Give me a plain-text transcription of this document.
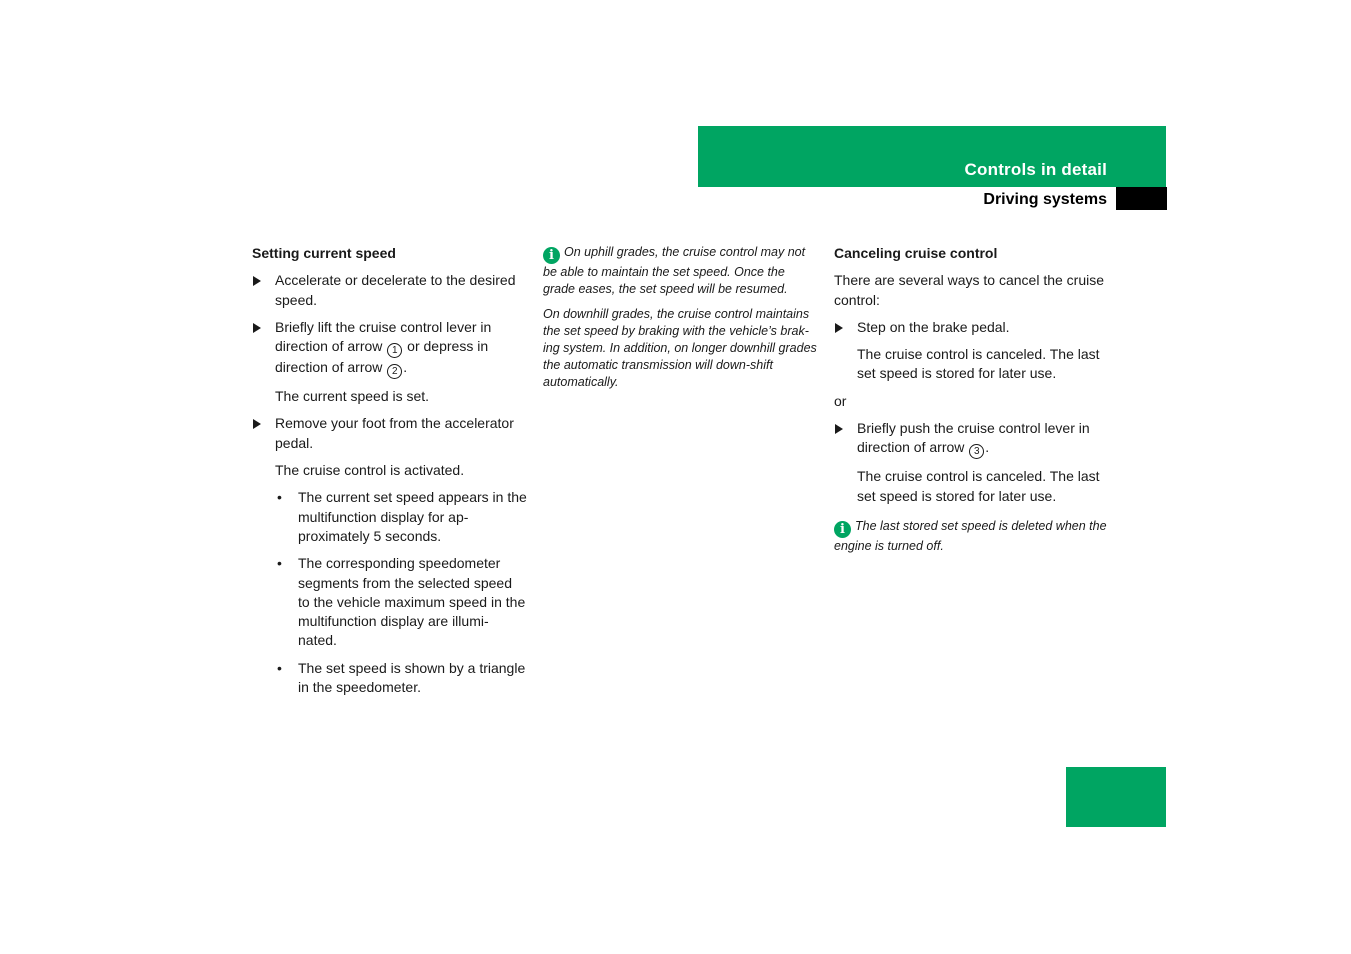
Controls in detail
Driving systems
Setting current speed
Accelerate or decelerate to the desired speed.
Briefly lift the cruise control lever in direction of arrow 1 or depress in direction of arrow 2 .
The current speed is set.
Remove your foot from the accelerator pedal.
The cruise control is activated.
• The current set speed appears in the multifunction display for ap-proximately 5 seconds.
• The corresponding speedometer segments from the selected speed to the vehicle maximum speed in the multifunction display are illumi-nated.
• The set speed is shown by a triangle in the speedometer.
i On uphill grades, the cruise control may not be able to maintain the set speed. Once the grade eases, the set speed will be resumed.
On downhill grades, the cruise control maintains the set speed by braking with the vehicle’s brak-ing system. In addition, on longer downhill grades the automatic transmission will down-shift automatically.
Canceling cruise control
There are several ways to cancel the cruise control:
Step on the brake pedal.
The cruise control is canceled. The last set speed is stored for later use.
or
Briefly push the cruise control lever in direction of arrow 3 .
The cruise control is canceled. The last set speed is stored for later use.
i The last stored set speed is deleted when the engine is turned off.
439
